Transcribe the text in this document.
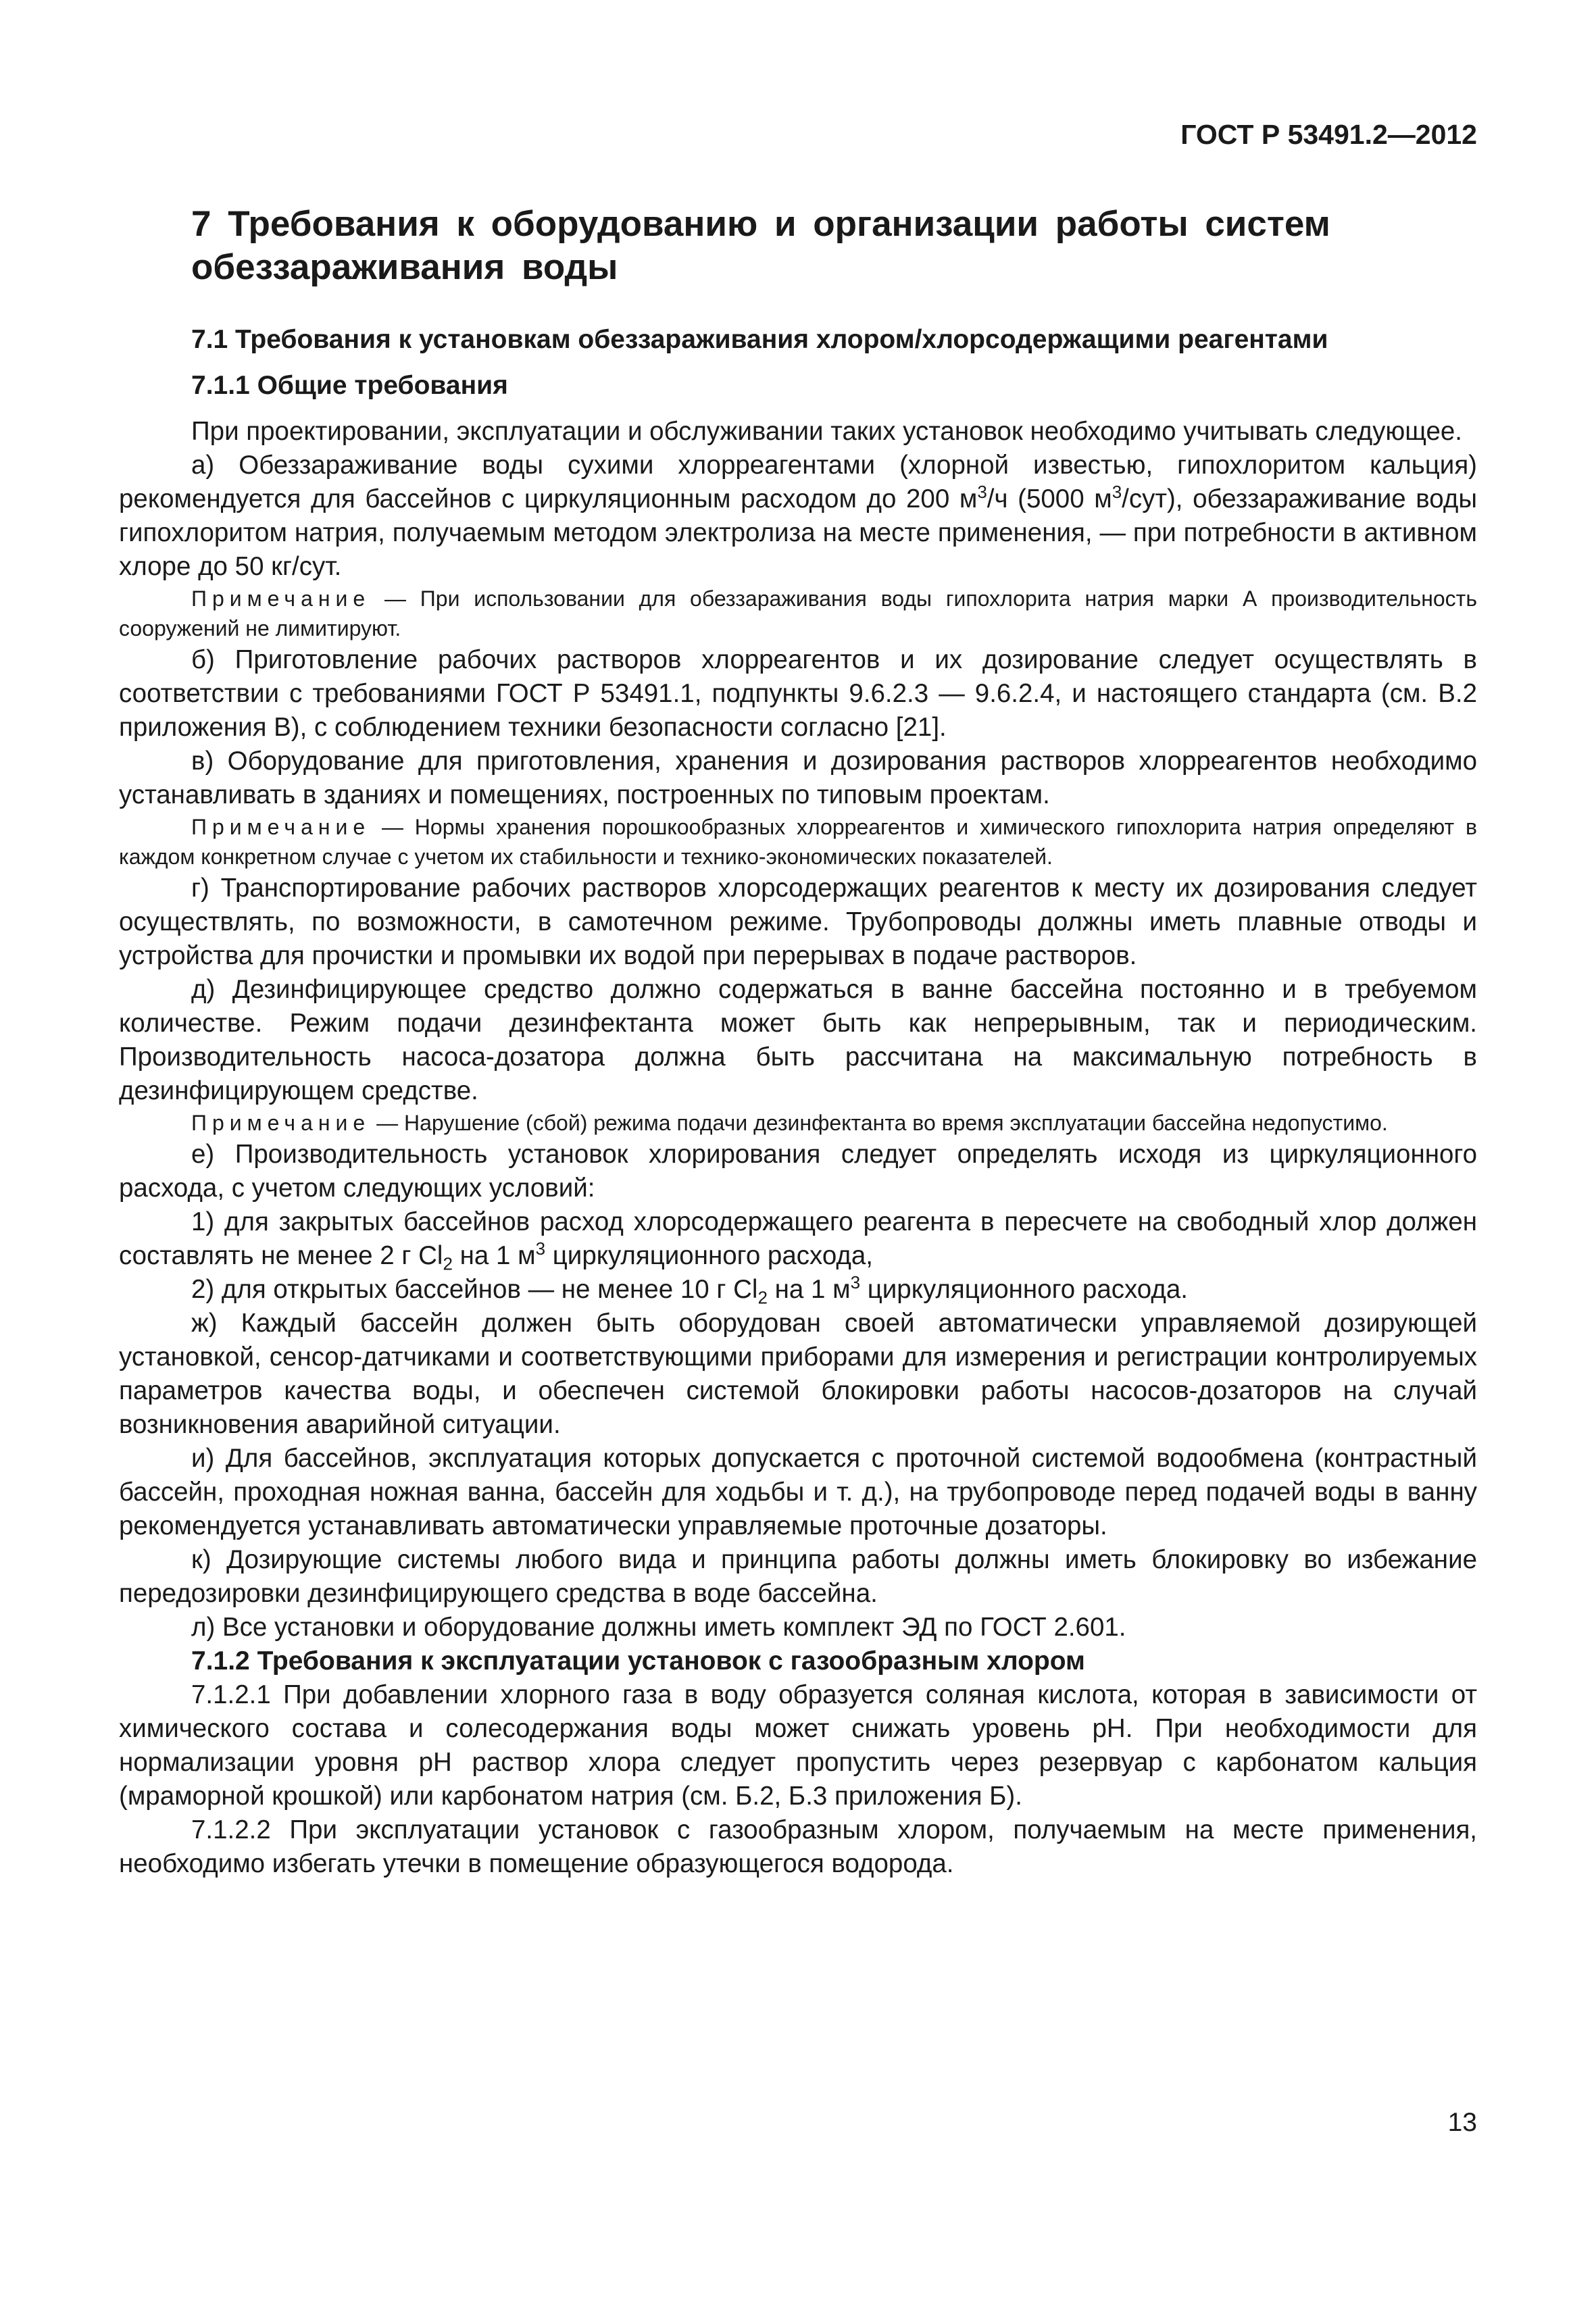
ГОСТ Р 53491.2—2012
7 Требования к оборудованию и организации работы систем
обеззараживания воды
7.1 Требования к установкам обеззараживания хлором/хлорсодержащими реагентами
7.1.1 Общие требования

При проектировании, эксплуатации и обслуживании таких установок необходимо учитывать следующее.

а) Обеззараживание воды сухими хлорреагентами (хлорной известью, гипохлоритом кальция) рекомендуется для бассейнов с циркуляционным расходом до 200 $м^3/ч$ (5000 $м^3/сут$), обеззараживание воды гипохлоритом натрия, получаемым методом электролиза на месте применения, — при потребности в активном хлоре до 50 кг/сут.

Примечание — При использовании для обеззараживания воды гипохлорита натрия марки А производительность сооружений не лимитируют.

б) Приготовление рабочих растворов хлорреагентов и их дозирование следует осуществлять в соответствии с требованиями ГОСТ Р 53491.1, подпункты 9.6.2.3 — 9.6.2.4, и настоящего стандарта (см. В.2 приложения В), с соблюдением техники безопасности согласно [21].

в) Оборудование для приготовления, хранения и дозирования растворов хлорреагентов необходимо устанавливать в зданиях и помещениях, построенных по типовым проектам.

Примечание — Нормы хранения порошкообразных хлорреагентов и химического гипохлорита натрия определяют в каждом конкретном случае с учетом их стабильности и технико-экономических показателей.

г) Транспортирование рабочих растворов хлорсодержащих реагентов к месту их дозирования следует осуществлять, по возможности, в самотечном режиме. Трубопроводы должны иметь плавные отводы и устройства для прочистки и промывки их водой при перерывах в подаче растворов.

д) Дезинфицирующее средство должно содержаться в ванне бассейна постоянно и в требуемом количестве. Режим подачи дезинфектанта может быть как непрерывным, так и периодическим. Производительность насоса-дозатора должна быть рассчитана на максимальную потребность в дезинфицирующем средстве.

Примечание — Нарушение (сбой) режима подачи дезинфектанта во время эксплуатации бассейна недопустимо.

е) Производительность установок хлорирования следует определять исходя из циркуляционного расхода, с учетом следующих условий:

1) для закрытых бассейнов расход хлорсодержащего реагента в пересчете на свободный хлор должен составлять не менее 2 г $Cl_2$ на 1 $м^3$ циркуляционного расхода,

2) для открытых бассейнов — не менее 10 г $Cl_2$ на 1 $м^3$ циркуляционного расхода.

ж) Каждый бассейн должен быть оборудован своей автоматически управляемой дозирующей установкой, сенсор-датчиками и соответствующими приборами для измерения и регистрации контролируемых параметров качества воды, и обеспечен системой блокировки работы насосов-дозаторов на случай возникновения аварийной ситуации.

и) Для бассейнов, эксплуатация которых допускается с проточной системой водообмена (контрастный бассейн, проходная ножная ванна, бассейн для ходьбы и т. д.), на трубопроводе перед подачей воды в ванну рекомендуется устанавливать автоматически управляемые проточные дозаторы.

к) Дозирующие системы любого вида и принципа работы должны иметь блокировку во избежание передозировки дезинфицирующего средства в воде бассейна.

л) Все установки и оборудование должны иметь комплект ЭД по ГОСТ 2.601.

7.1.2 Требования к эксплуатации установок с газообразным хлором

7.1.2.1 При добавлении хлорного газа в воду образуется соляная кислота, которая в зависимости от химического состава и солесодержания воды может снижать уровень pH. При необходимости для нормализации уровня pH раствор хлора следует пропустить через резервуар с карбонатом кальция (мраморной крошкой) или карбонатом натрия (см. Б.2, Б.3 приложения Б).

7.1.2.2 При эксплуатации установок с газообразным хлором, получаемым на месте применения, необходимо избегать утечки в помещение образующегося водорода.

13
